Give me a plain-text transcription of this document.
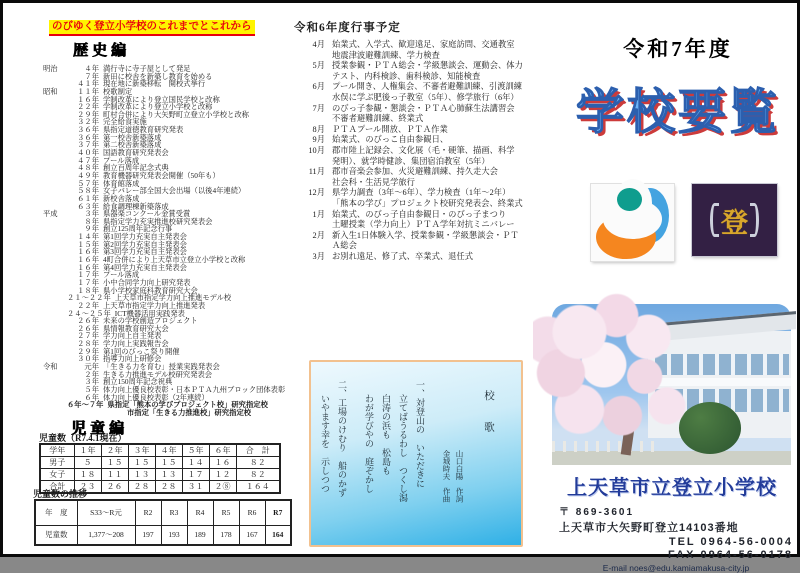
のびゆく登立小学校のこれまでとこれから
歴史編
明治	４年 満行寺に寺子屋として発足
７年 新田に校舎を新築し教育を始める
４１年 現在地に新築移転　開校式挙行
昭和	１１年 校歌制定
１６年 学制改革により登立国民学校と改称
２２年 学制改革により登立小学校と改称
２９年 町村合併により大矢野町立登立小学校と改称
３２年 完全給食実施
３６年 県指定道徳教育研究発表
３６年 第一校舎新築落成
３７年 第二校舎新築落成
４０年 国語教育研究発表会
４７年 プール落成
４８年 創立百周年記念式典
４９年 教育機器研究発表会開催（50年も）
５７年 体育館落成
５８年 女子バレー部全国大会出場（以後4年連続）
６１年 新校舎落成
６３年 給食調理棟新築落成
平成	３年 県器楽コンクール金賞受賞
８年 県指定学力充実推進校研究発表会
９年 創立125周年記念行事
１４年 第1回学力充実自主発表会
１５年 第2回学力充実自主発表会
１６年 第3回学力充実自主発表会
１６年 4町合併により上天草市立登立小学校と改称
１６年 第4回学力充実自主発表会
１７年 プール落成
１７年 小中合同学力向上研究発表
１８年 県小学校家庭科教育研究大会
２１～２２年 上天草市指定学力向上推進モデル校
２２年 上天草市指定学力向上推進発表
２４～２５年 ICT機器活用実践発表
２６年 未来の学校創造プロジェクト
２６年 県情報教育研究大会
２７年 学力向上自主発表
２８年 学力向上実践報告会
２９年 第1回のびっこ祭り開催
３０年 指導力向上研修会
令和	元年 「生きる力を育む」授業実践発表会
２年 生きる力推進モデル校研究発表会
３年 創立150周年記念祝典
５年 体力向上優良校表彰・日本ＰＴＡ九州ブロック団体表彰
６年 体力向上優良校表彰（2年連続）
６年～７年 県指定「熊本の学びプロジェクト校」研究指定校
市指定「生きる力推進校」研究指定校
児童編
児童数（R7.4.1現在）
学年	１年	２年	３年	４年	５年	６年	合　計
男子	５	１５	１５	１５	１４	１６	８２
女子	１８	１１	１３	１３	１７	１２	８２
合計	２３	２６	２８	２８	３１	２⑧	１６４
児童数の推移
年　度	S33～R元	R2	R3	R4	R5	R6	R7
児童数	1,377～208	197	193	189	178	167	164
令和6年度行事予定
4月 始業式、入学式、歓迎遠足、家庭訪問、交通教室
地震津波避難訓練、学力検査
5月 授業参観・ＰＴＡ総会・学級懇談会、運動会、体力
テスト、内科検診、歯科検診、知能検査
6月 プール開き、人権集会、不審者避難訓練、引渡訓練
水俣に学ぶ肥後っ子教室（5年）、修学旅行（6年）
7月 のびっ子参観・懇談会・ＰＴＡ心肺蘇生法講習会
不審者避難訓練、終業式
8月 ＰＴＡプール開放、ＰＴＡ作業
9月 始業式、のびっこ自由参観日、
10月 郡市陸上記録会、文化展（毛・硬筆、描画、科学
発明）、就学時健診、集団宿泊教室（5年）
11月 郡市音楽会参加、火災避難訓練、持久走大会
社会科・生活見学旅行
12月 県学力調査（3年～6年）、学力検査（1年～2年）
「熊本の学び」プロジェクト校研究発表会、終業式
1月 始業式、のびっ子自由参観日・のびっ子まつり
土曜授業（学力向上）ＰＴＡ学年対抗ミニバレー
2月 新入生1日体験入学、授業参観・学級懇談会・ＰＴ
Ａ総会
3月 お別れ遠足、修了式、卒業式、退任式
校　　歌
山口白陽　作詞
金城時夫　作曲
一、対登山の　いただきに
立てばうるわし　つくし潟
白涛の浜も　松島も
わが学びやの　庭ぞかし
二、工場のけむり　船のかず
いやます幸を　示しつつ
令和7年度
学校要覧
登
上天草市立登立小学校
〒 869-3601
上天草市大矢野町登立14103番地
TEL 0964-56-0004
FAX 0964-56-0178
E-mail noes@edu.kamiamakusa-city.jp
